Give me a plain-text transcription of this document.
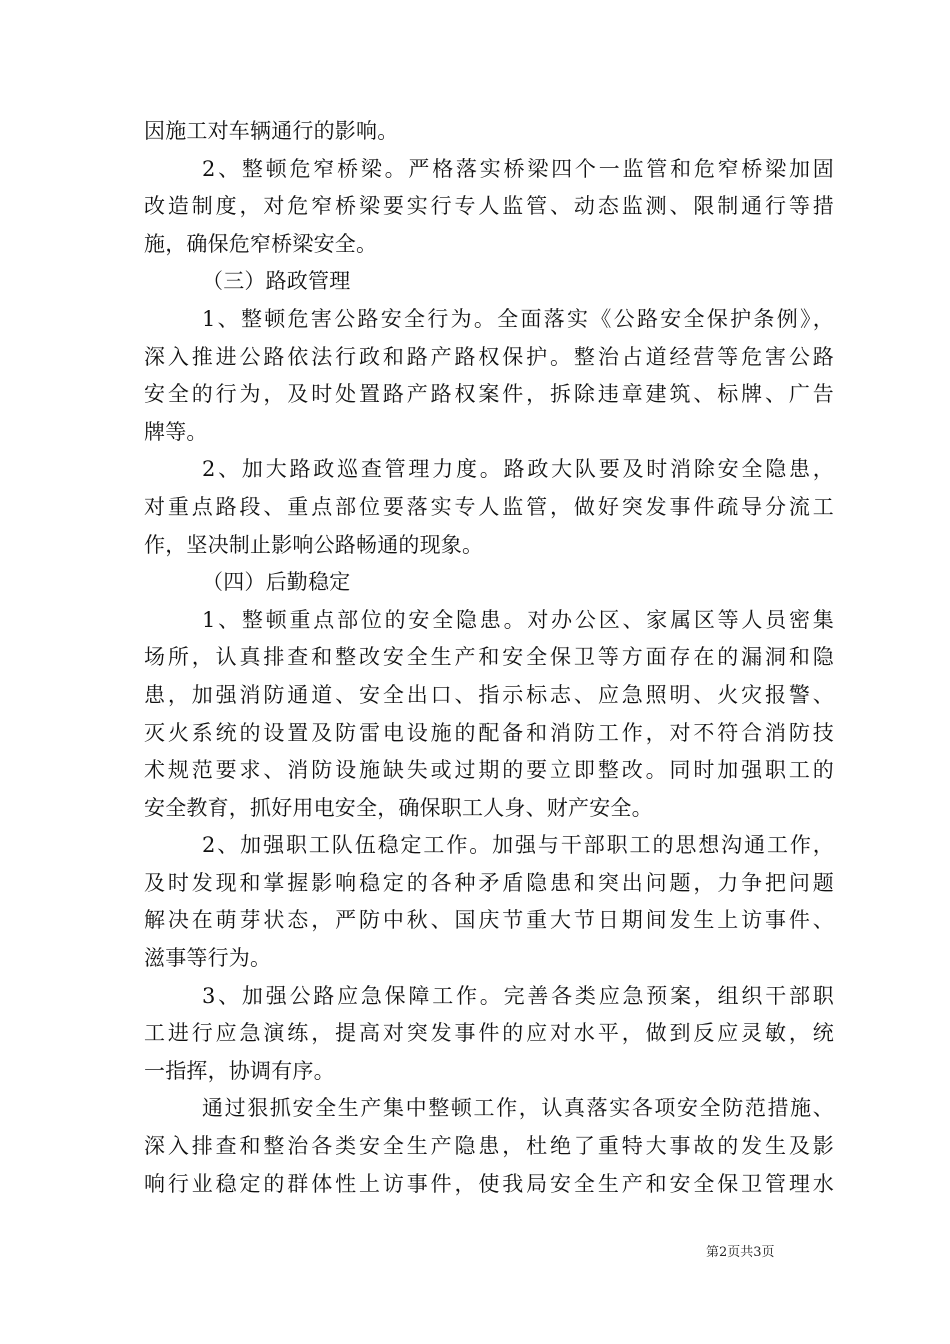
因施工对车辆通行的影响。
2、整顿危窄桥梁。严格落实桥梁四个一监管和危窄桥梁加固
改造制度，对危窄桥梁要实行专人监管、动态监测、限制通行等措
施，确保危窄桥梁安全。
（三）路政管理
1、整顿危害公路安全行为。全面落实《公路安全保护条例》，
深入推进公路依法行政和路产路权保护。整治占道经营等危害公路
安全的行为，及时处置路产路权案件，拆除违章建筑、标牌、广告
牌等。
2、加大路政巡查管理力度。路政大队要及时消除安全隐患，
对重点路段、重点部位要落实专人监管，做好突发事件疏导分流工
作，坚决制止影响公路畅通的现象。
（四）后勤稳定
1、整顿重点部位的安全隐患。对办公区、家属区等人员密集
场所，认真排查和整改安全生产和安全保卫等方面存在的漏洞和隐
患，加强消防通道、安全出口、指示标志、应急照明、火灾报警、
灭火系统的设置及防雷电设施的配备和消防工作，对不符合消防技
术规范要求、消防设施缺失或过期的要立即整改。同时加强职工的
安全教育，抓好用电安全，确保职工人身、财产安全。
2、加强职工队伍稳定工作。加强与干部职工的思想沟通工作，
及时发现和掌握影响稳定的各种矛盾隐患和突出问题，力争把问题
解决在萌芽状态，严防中秋、国庆节重大节日期间发生上访事件、
滋事等行为。
3、加强公路应急保障工作。完善各类应急预案，组织干部职
工进行应急演练，提高对突发事件的应对水平，做到反应灵敏，统
一指挥，协调有序。
通过狠抓安全生产集中整顿工作，认真落实各项安全防范措施、
深入排查和整治各类安全生产隐患，杜绝了重特大事故的发生及影
响行业稳定的群体性上访事件，使我局安全生产和安全保卫管理水
第2页共3页
